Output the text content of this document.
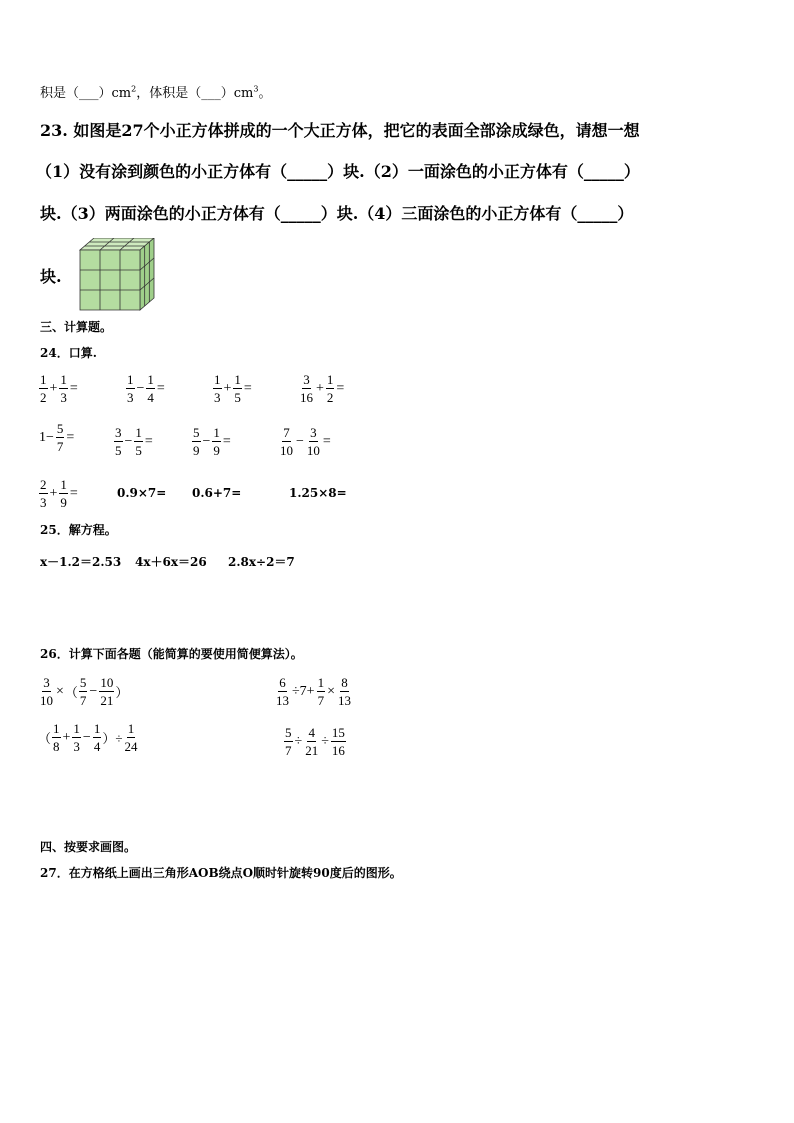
积是$(\_\_\_)cm^2$，体积是$(\_\_\_)cm^3$。
23. 如图是27个小正方体拼成的一个大正方体，把它的表面全部涂成绿色，请想一想
（1）没有涂到颜色的小正方体有（_____）块.（2）一面涂色的小正方体有（_____）
块.（3）两面涂色的小正方体有（_____）块.（4）三面涂色的小正方体有（_____）
块.
三、计算题。
24．口算.
$\frac{1}{2} + \frac{1}{3}$ =	$\frac{1}{3} - \frac{1}{4}$ =	$\frac{1}{3} + \frac{1}{5}$ =	$\frac{3}{16} + \frac{1}{2}$ =
$1- \frac{5}{7}$ =	$\frac{3}{5} - \frac{1}{5}$ =	$\frac{5}{9} - \frac{1}{9}$ =	$\frac{7}{10} - \frac{3}{10}$ =
$\frac{2}{3} + \frac{1}{9}$ =	0.9×7= 0.6+7=	1.25×8=
25．解方程。
x－1.2＝2.53 4x＋6x＝26 2.8x÷2＝7
26．计算下面各题（能简算的要使用简便算法）。
$\frac{3}{10}$ × （ $\frac{5}{7} - \frac{10}{21}$ ）	$\frac{6}{13} \div 7+ \frac{1}{7} \times \frac{8}{13}$
（ $\frac{1}{8} + \frac{1}{3} - \frac{1}{4}$ ）÷ $\frac{1}{24}$	$\frac{5}{7} \div \frac{4}{21} \div \frac{15}{16}$
四、按要求画图。
27．在方格纸上画出三角形AOB绕点O顺时针旋转90度后的图形。
